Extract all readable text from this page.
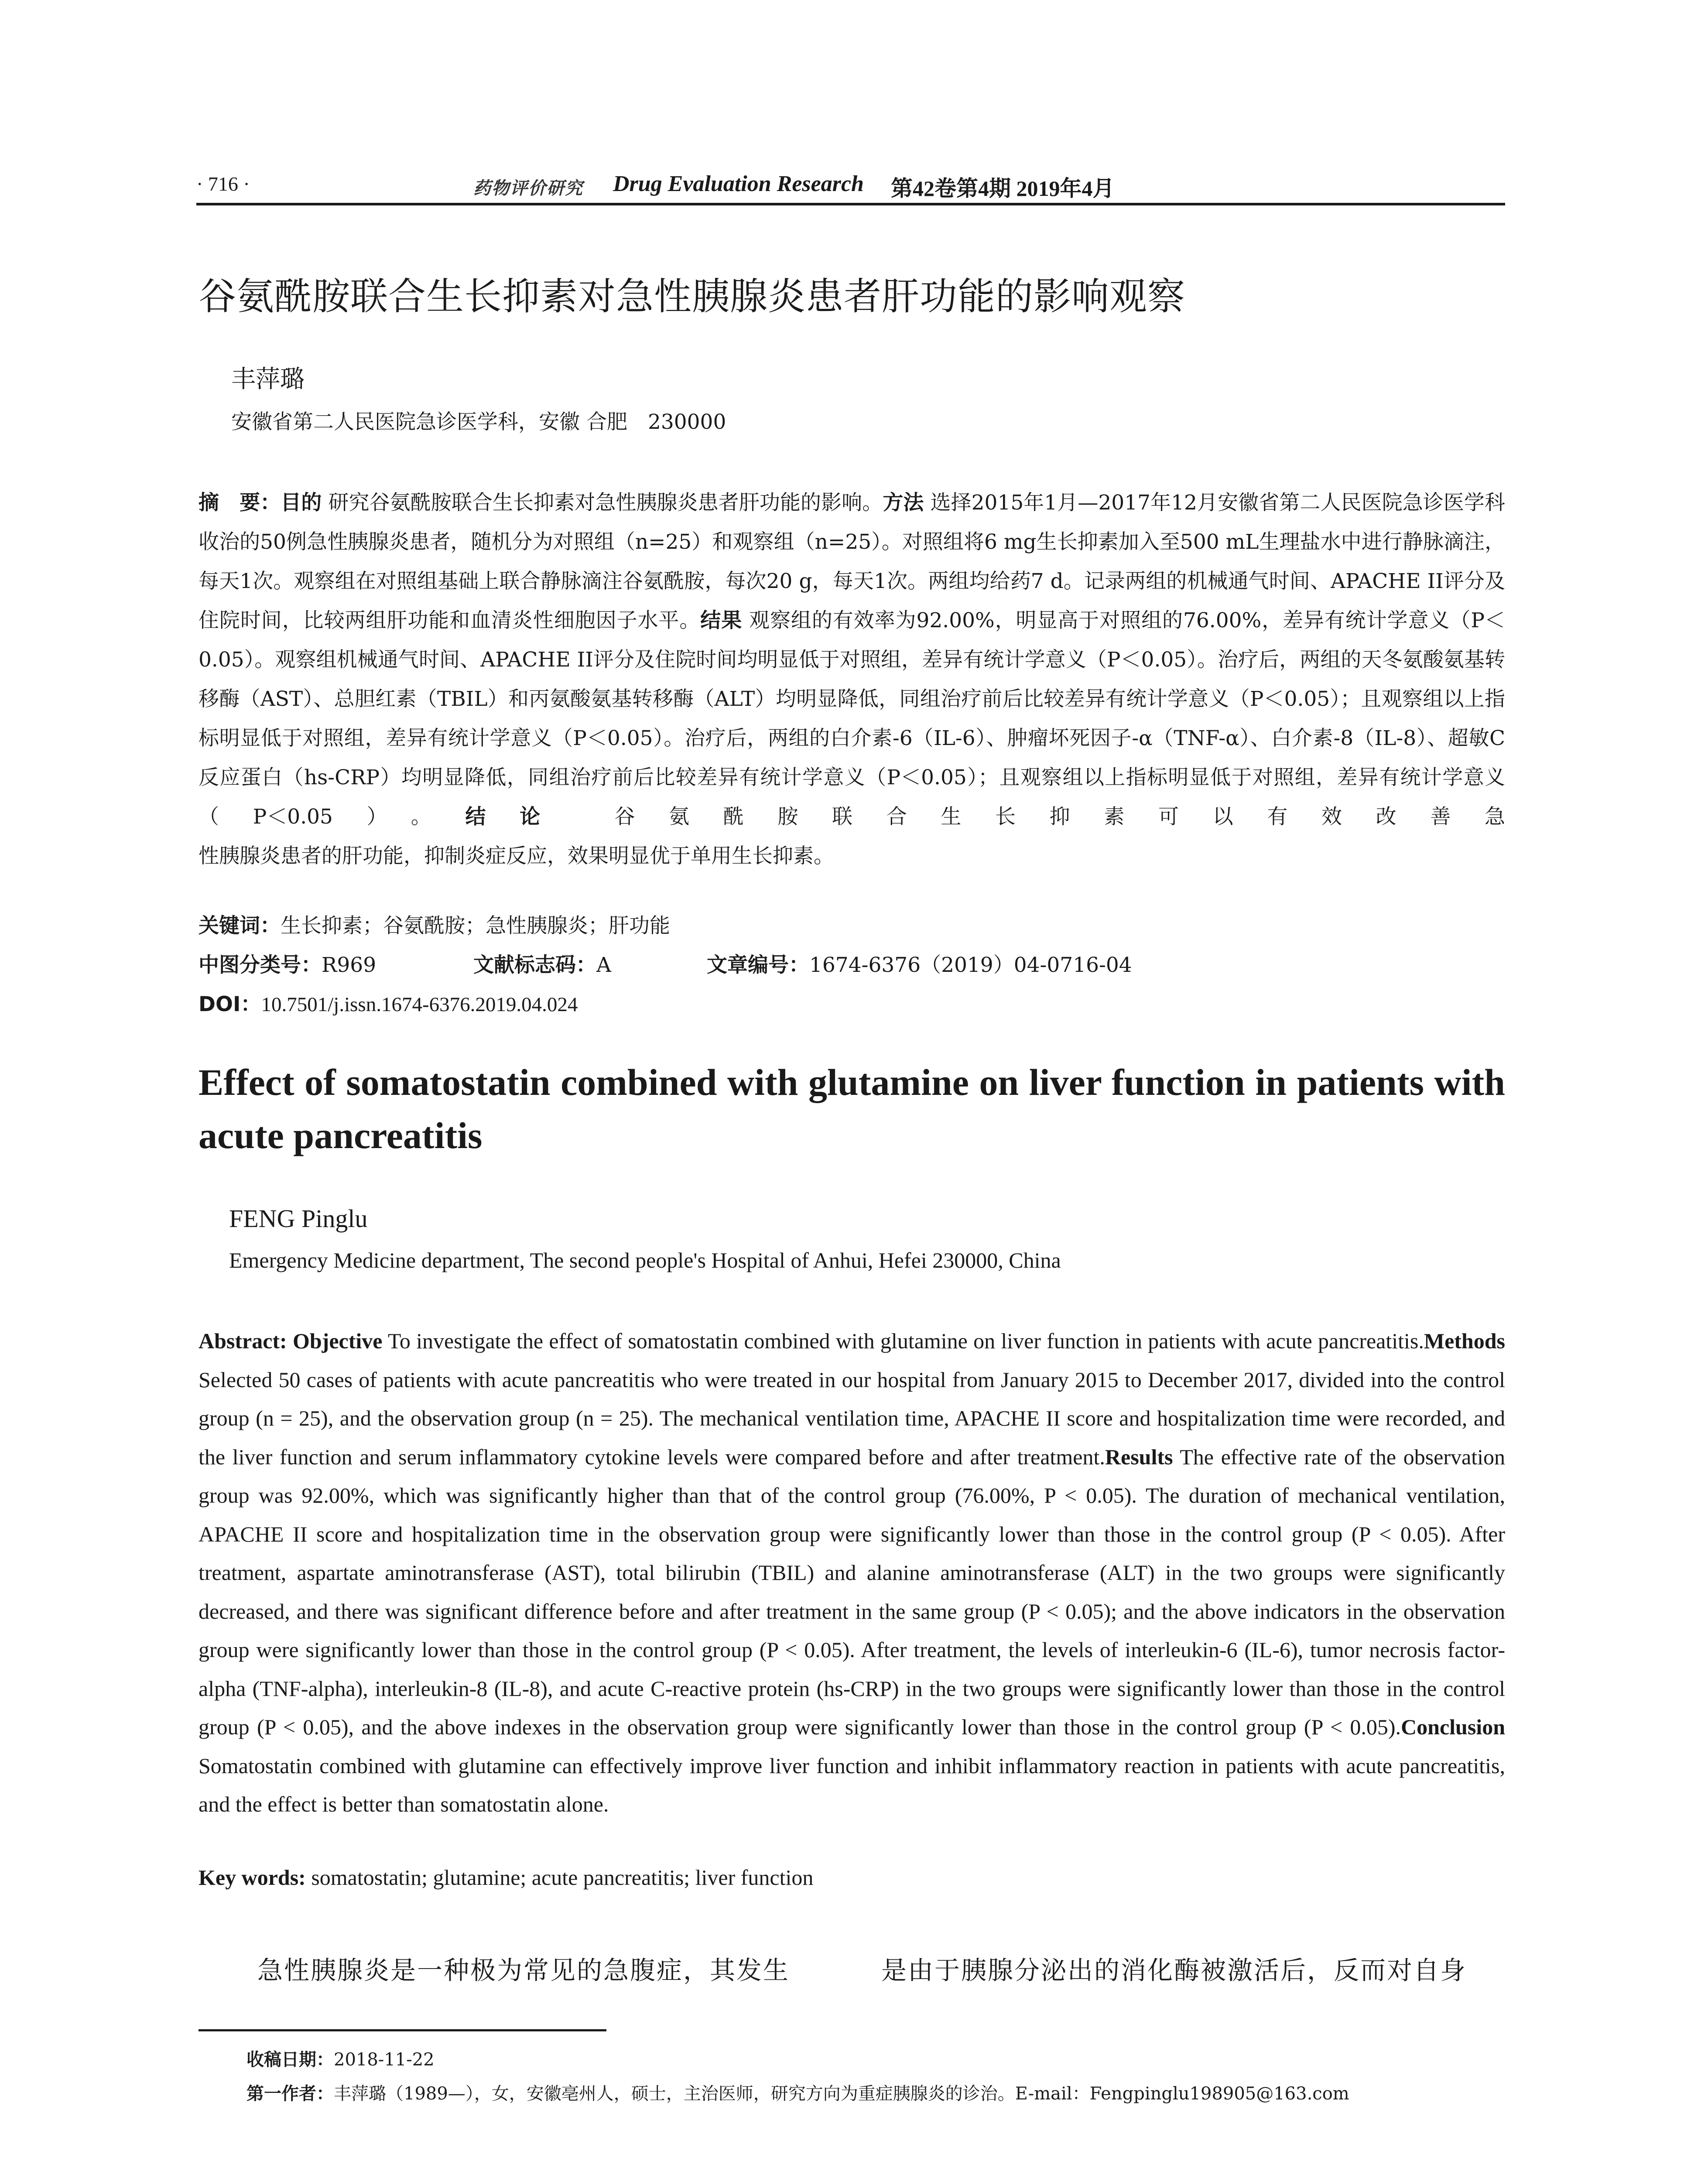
· 716 ·	药物评价研究 Drug Evaluation Research 第42卷第4期 2019年4月
谷氨酰胺联合生长抑素对急性胰腺炎患者肝功能的影响观察
丰萍璐
安徽省第二人民医院急诊医学科，安徽 合肥　230000
摘　要：目的 研究谷氨酰胺联合生长抑素对急性胰腺炎患者肝功能的影响。方法 选择2015年1月—2017年12月安徽省第二人民医院急诊医学科收治的50例急性胰腺炎患者，随机分为对照组（n=25）和观察组（n=25）。对照组将6 mg生长抑素加入至500 mL生理盐水中进行静脉滴注，每天1次。观察组在对照组基础上联合静脉滴注谷氨酰胺，每次20 g，每天1次。两组均给药7 d。记录两组的机械通气时间、APACHE II评分及住院时间，比较两组肝功能和血清炎性细胞因子水平。结果 观察组的有效率为92.00%，明显高于对照组的76.00%，差异有统计学意义（P＜0.05）。观察组机械通气时间、APACHE II评分及住院时间均明显低于对照组，差异有统计学意义（P＜0.05）。治疗后，两组的天冬氨酸氨基转移酶（AST）、总胆红素（TBIL）和丙氨酸氨基转移酶（ALT）均明显降低，同组治疗前后比较差异有统计学意义（P＜0.05）；且观察组以上指标明显低于对照组，差异有统计学意义（P＜0.05）。治疗后，两组的白介素-6（IL-6）、肿瘤坏死因子-α（TNF-α）、白介素-8（IL-8）、超敏C反应蛋白（hs-CRP）均明显降低，同组治疗前后比较差异有统计学意义（P＜0.05）；且观察组以上指标明显低于对照组，差异有统计学意义（P＜0.05）。结论 谷氨酰胺联合生长抑素可以有效改善急
性胰腺炎患者的肝功能，抑制炎症反应，效果明显优于单用生长抑素。
关键词：生长抑素；谷氨酰胺；急性胰腺炎；肝功能
中图分类号：R969	文献标志码：A	文章编号：1674-6376（2019）04-0716-04
DOI：10.7501/j.issn.1674-6376.2019.04.024
Effect of somatostatin combined with glutamine on liver function in patients with acute pancreatitis
FENG Pinglu
Emergency Medicine department, The second people's Hospital of Anhui, Hefei 230000, China
Abstract: Objective To investigate the effect of somatostatin combined with glutamine on liver function in patients with acute pancreatitis.Methods Selected 50 cases of patients with acute pancreatitis who were treated in our hospital from January 2015 to December 2017, divided into the control group (n = 25), and the observation group (n = 25). The mechanical ventilation time, APACHE II score and hospitalization time were recorded, and the liver function and serum inflammatory cytokine levels were compared before and after treatment.Results The effective rate of the observation group was 92.00%, which was significantly higher than that of the control group (76.00%, P < 0.05). The duration of mechanical ventilation, APACHE II score and hospitalization time in the observation group were significantly lower than those in the control group (P < 0.05). After treatment, aspartate aminotransferase (AST), total bilirubin (TBIL) and alanine aminotransferase (ALT) in the two groups were significantly decreased, and there was significant difference before and after treatment in the same group (P < 0.05); and the above indicators in the observation group were significantly lower than those in the control group (P < 0.05). After treatment, the levels of interleukin-6 (IL-6), tumor necrosis factor-alpha (TNF-alpha), interleukin-8 (IL-8), and acute C-reactive protein (hs-CRP) in the two groups were significantly lower than those in the control group (P < 0.05), and the above indexes in the observation group were significantly lower than those in the control group (P < 0.05).Conclusion Somatostatin combined with glutamine can effectively improve liver function and inhibit inflammatory reaction in patients with acute pancreatitis, and the effect is better than somatostatin alone.
Key words: somatostatin; glutamine; acute pancreatitis; liver function
急性胰腺炎是一种极为常见的急腹症，其发生	是由于胰腺分泌出的消化酶被激活后，反而对自身
收稿日期：2018-11-22
第一作者：丰萍璐（1989—），女，安徽亳州人，硕士，主治医师，研究方向为重症胰腺炎的诊治。E-mail：Fengpinglu198905@163.com
